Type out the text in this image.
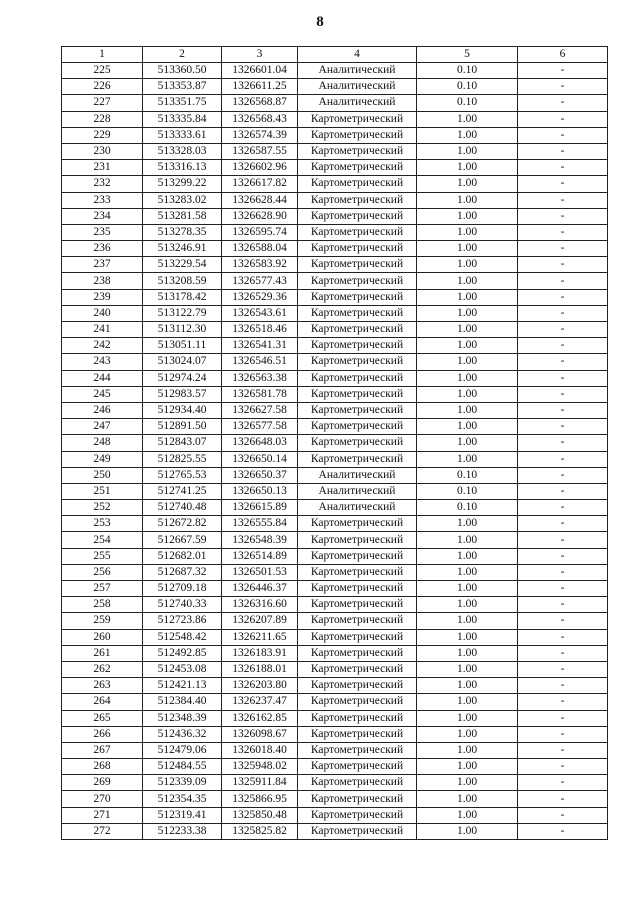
8
1	2	3	4	5	6
225	513360.50	1326601.04	Аналитический	0.10	-
226	513353.87	1326611.25	Аналитический	0.10	-
227	513351.75	1326568.87	Аналитический	0.10	-
228	513335.84	1326568.43	Картометрический	1.00	-
229	513333.61	1326574.39	Картометрический	1.00	-
230	513328.03	1326587.55	Картометрический	1.00	-
231	513316.13	1326602.96	Картометрический	1.00	-
232	513299.22	1326617.82	Картометрический	1.00	-
233	513283.02	1326628.44	Картометрический	1.00	-
234	513281.58	1326628.90	Картометрический	1.00	-
235	513278.35	1326595.74	Картометрический	1.00	-
236	513246.91	1326588.04	Картометрический	1.00	-
237	513229.54	1326583.92	Картометрический	1.00	-
238	513208.59	1326577.43	Картометрический	1.00	-
239	513178.42	1326529.36	Картометрический	1.00	-
240	513122.79	1326543.61	Картометрический	1.00	-
241	513112.30	1326518.46	Картометрический	1.00	-
242	513051.11	1326541.31	Картометрический	1.00	-
243	513024.07	1326546.51	Картометрический	1.00	-
244	512974.24	1326563.38	Картометрический	1.00	-
245	512983.57	1326581.78	Картометрический	1.00	-
246	512934.40	1326627.58	Картометрический	1.00	-
247	512891.50	1326577.58	Картометрический	1.00	-
248	512843.07	1326648.03	Картометрический	1.00	-
249	512825.55	1326650.14	Картометрический	1.00	-
250	512765.53	1326650.37	Аналитический	0.10	-
251	512741.25	1326650.13	Аналитический	0.10	-
252	512740.48	1326615.89	Аналитический	0.10	-
253	512672.82	1326555.84	Картометрический	1.00	-
254	512667.59	1326548.39	Картометрический	1.00	-
255	512682.01	1326514.89	Картометрический	1.00	-
256	512687.32	1326501.53	Картометрический	1.00	-
257	512709.18	1326446.37	Картометрический	1.00	-
258	512740.33	1326316.60	Картометрический	1.00	-
259	512723.86	1326207.89	Картометрический	1.00	-
260	512548.42	1326211.65	Картометрический	1.00	-
261	512492.85	1326183.91	Картометрический	1.00	-
262	512453.08	1326188.01	Картометрический	1.00	-
263	512421.13	1326203.80	Картометрический	1.00	-
264	512384.40	1326237.47	Картометрический	1.00	-
265	512348.39	1326162.85	Картометрический	1.00	-
266	512436.32	1326098.67	Картометрический	1.00	-
267	512479.06	1326018.40	Картометрический	1.00	-
268	512484.55	1325948.02	Картометрический	1.00	-
269	512339.09	1325911.84	Картометрический	1.00	-
270	512354.35	1325866.95	Картометрический	1.00	-
271	512319.41	1325850.48	Картометрический	1.00	-
272	512233.38	1325825.82	Картометрический	1.00	-
